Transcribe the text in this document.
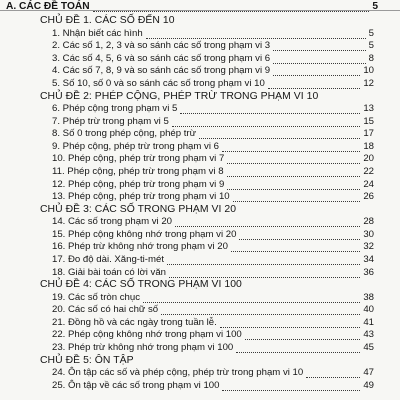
A. CÁC ĐỀ TOÁN	5
CHỦ ĐỀ 1. CÁC SỐ ĐẾN 10
1. Nhận biết các hình	5
2. Các số 1, 2, 3 và so sánh các số trong phạm vi 3	5
3. Các số 4, 5, 6 và so sánh các số trong phạm vi 6	8
4. Các số 7, 8, 9 và so sánh các số trong phạm vi 9	10
5. Số 10, số 0 và so sánh các số trong phạm vi 10	12
CHỦ ĐỀ 2: PHÉP CỘNG, PHÉP TRỪ TRONG PHẠM VI 10
6. Phép cộng trong phạm vi 5	13
7. Phép trừ trong phạm vi 5	15
8. Số 0 trong phép cộng, phép trừ	17
9. Phép cộng, phép trừ trong phạm vi 6	18
10. Phép cộng, phép trừ trong phạm vi 7	20
11. Phép cộng, phép trừ trong phạm vi 8	22
12. Phép cộng, phép trừ trong phạm vi 9	24
13. Phép cộng, phép trừ trong phạm vi 10	26
CHỦ ĐỀ 3: CÁC SỐ TRONG PHẠM VI 20
14. Các số trong phạm vi 20	28
15. Phép cộng không nhớ trong phạm vi 20	30
16. Phép trừ không nhớ trong phạm vi 20	32
17. Đo độ dài. Xăng-ti-mét	34
18. Giải bài toán có lời văn	36
CHỦ ĐỀ 4: CÁC SỐ TRONG PHẠM VI 100
19. Các số tròn chục	38
20. Các số có hai chữ số	40
21. Đồng hồ và các ngày trong tuần lễ.	41
22. Phép cộng không nhớ trong phạm vi 100	43
23. Phép trừ không nhớ trong phạm vi 100	45
CHỦ ĐỀ 5: ÔN TẬP
24. Ôn tập các số và phép cộng, phép trừ trong phạm vi 10	47
25. Ôn tập về các số trong phạm vi 100	49
